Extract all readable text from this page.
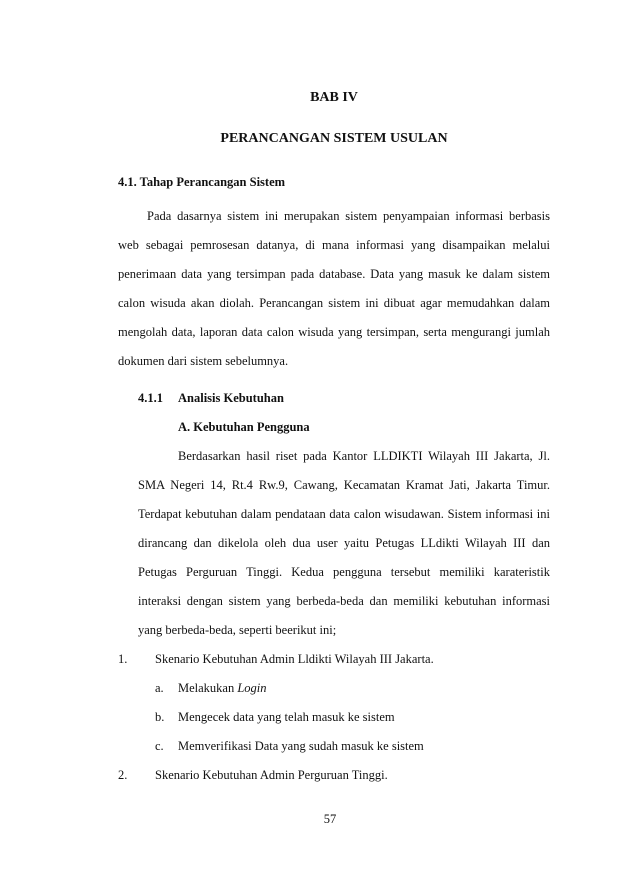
BAB IV
PERANCANGAN SISTEM USULAN
4.1. Tahap Perancangan Sistem
Pada dasarnya sistem ini merupakan sistem penyampaian informasi berbasis
web sebagai pemrosesan datanya, di mana informasi yang disampaikan melalui
penerimaan data yang tersimpan pada database. Data yang masuk ke dalam sistem
calon wisuda akan diolah. Perancangan sistem ini dibuat agar memudahkan dalam
mengolah data, laporan data calon wisuda yang tersimpan, serta mengurangi jumlah
dokumen dari sistem sebelumnya.
4.1.1 Analisis Kebutuhan
A. Kebutuhan Pengguna
Berdasarkan hasil riset pada Kantor LLDIKTI Wilayah III Jakarta, Jl.
SMA Negeri 14, Rt.4 Rw.9, Cawang, Kecamatan Kramat Jati, Jakarta Timur.
Terdapat kebutuhan dalam pendataan data calon wisudawan. Sistem informasi ini
dirancang dan dikelola oleh dua user yaitu Petugas LLdikti Wilayah III dan
Petugas Perguruan Tinggi. Kedua pengguna tersebut memiliki karateristik
interaksi dengan sistem yang berbeda-beda dan memiliki kebutuhan informasi
yang berbeda-beda, seperti beerikut ini;
1. Skenario Kebutuhan Admin Lldikti Wilayah III Jakarta.
a. Melakukan Login
b. Mengecek data yang telah masuk ke sistem
c. Memverifikasi Data yang sudah masuk ke sistem
2. Skenario Kebutuhan Admin Perguruan Tinggi.
57
